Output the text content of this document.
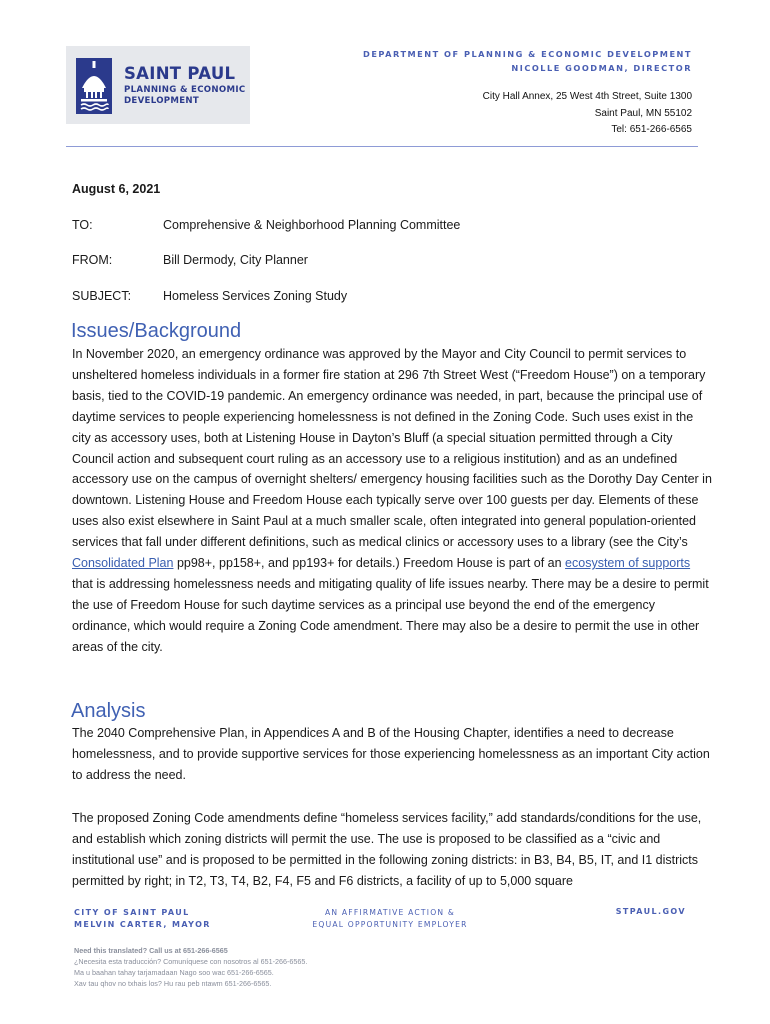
SAINT PAUL
PLANNING & ECONOMIC
DEVELOPMENT
DEPARTMENT OF PLANNING & ECONOMIC DEVELOPMENT
NICOLLE GOODMAN, DIRECTOR
City Hall Annex, 25 West 4th Street, Suite 1300
Saint Paul, MN 55102
Tel: 651-266-6565
August 6, 2021
TO:	Comprehensive & Neighborhood Planning Committee
FROM:	Bill Dermody, City Planner
SUBJECT:	Homeless Services Zoning Study
Issues/Background

In November 2020, an emergency ordinance was approved by the Mayor and City Council to permit services to unsheltered homeless individuals in a former fire station at 296 7th Street West (“Freedom House”) on a temporary basis, tied to the COVID-19 pandemic. An emergency ordinance was needed, in part, because the principal use of daytime services to people experiencing homelessness is not defined in the Zoning Code. Such uses exist in the city as accessory uses, both at Listening House in Dayton’s Bluff (a special situation permitted through a City Council action and subsequent court ruling as an accessory use to a religious institution) and as an undefined accessory use on the campus of overnight shelters/ emergency housing facilities such as the Dorothy Day Center in downtown. Listening House and Freedom House each typically serve over 100 guests per day. Elements of these uses also exist elsewhere in Saint Paul at a much smaller scale, often integrated into general population-oriented services that fall under different definitions, such as medical clinics or accessory uses to a library (see the City’s Consolidated Plan pp98+, pp158+, and pp193+ for details.) Freedom House is part of an ecosystem of supports that is addressing homelessness needs and mitigating quality of life issues nearby. There may be a desire to permit the use of Freedom House for such daytime services as a principal use beyond the end of the emergency ordinance, which would require a Zoning Code amendment. There may also be a desire to permit the use in other areas of the city.

Analysis

The 2040 Comprehensive Plan, in Appendices A and B of the Housing Chapter, identifies a need to decrease homelessness, and to provide supportive services for those experiencing homelessness as an important City action to address the need.

The proposed Zoning Code amendments define “homeless services facility,” add standards/conditions for the use, and establish which zoning districts will permit the use. The use is proposed to be classified as a “civic and institutional use” and is proposed to be permitted in the following zoning districts: in B3, B4, B5, IT, and I1 districts permitted by right; in T2, T3, T4, B2, F4, F5 and F6 districts, a facility of up to 5,000 square

CITY OF SAINT PAUL
MELVIN CARTER, MAYOR
AN AFFIRMATIVE ACTION &
EQUAL OPPORTUNITY EMPLOYER
STPAUL.GOV
Need this translated? Call us at 651-266-6565
¿Necesita esta traducción? Comuníquese con nosotros al 651-266-6565.
Ma u baahan tahay tarjamadaan Nago soo wac 651-266-6565.
Xav tau qhov no txhais los? Hu rau peb ntawm 651-266-6565.
